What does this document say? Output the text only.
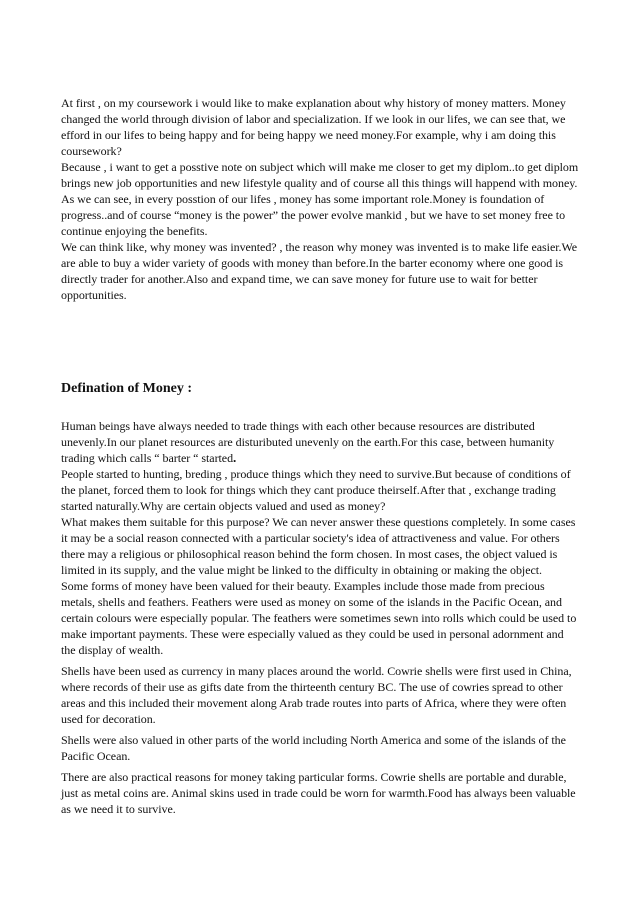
At first , on my coursework i would like to make explanation about why history of money matters. Money changed the world through division of labor and specialization. If we look in our lifes, we can see that, we efford in our lifes to being happy and for being happy we need money.For example, why i am doing this coursework?

Because , i want to get a posstive note on subject which will make me closer to get my diplom..to get diplom brings new job opportunities and new lifestyle quality and of course all this things will happend with money.

As we can see, in every posstion of our lifes , money has some important role.Money is foundation of progress..and of course “money is the power” the power evolve mankid , but we have to set money free to continue enjoying the benefits.

We can think like, why money was invented? , the reason why money was invented is to make life easier.We are able to buy a wider variety of goods with money than before.In the barter economy where one good is directly trader for another.Also and expand time, we can save money for future use to wait for better opportunities.

Defination of Money :

Human beings have always needed to trade things with each other because resources are distributed unevenly.In our planet resources are distuributed unevenly on the earth.For this case, between humanity trading which calls “ barter “ started.

People started to hunting, breding , produce things which they need to survive.But because of conditions of the planet, forced them to look for things which they cant produce theirself.After that , exchange trading started naturally.Why are certain objects valued and used as money?

What makes them suitable for this purpose? We can never answer these questions completely. In some cases it may be a social reason connected with a particular society's idea of attractiveness and value. For others there may a religious or philosophical reason behind the form chosen. In most cases, the object valued is limited in its supply, and the value might be linked to the difficulty in obtaining or making the object.

Some forms of money have been valued for their beauty. Examples include those made from precious metals, shells and feathers. Feathers were used as money on some of the islands in the Pacific Ocean, and certain colours were especially popular. The feathers were sometimes sewn into rolls which could be used to make important payments. These were especially valued as they could be used in personal adornment and the display of wealth.

Shells have been used as currency in many places around the world. Cowrie shells were first used in China, where records of their use as gifts date from the thirteenth century BC. The use of cowries spread to other areas and this included their movement along Arab trade routes into parts of Africa, where they were often used for decoration.

Shells were also valued in other parts of the world including North America and some of the islands of the Pacific Ocean.

There are also practical reasons for money taking particular forms. Cowrie shells are portable and durable, just as metal coins are. Animal skins used in trade could be worn for warmth.Food has always been valuable as we need it to survive.
